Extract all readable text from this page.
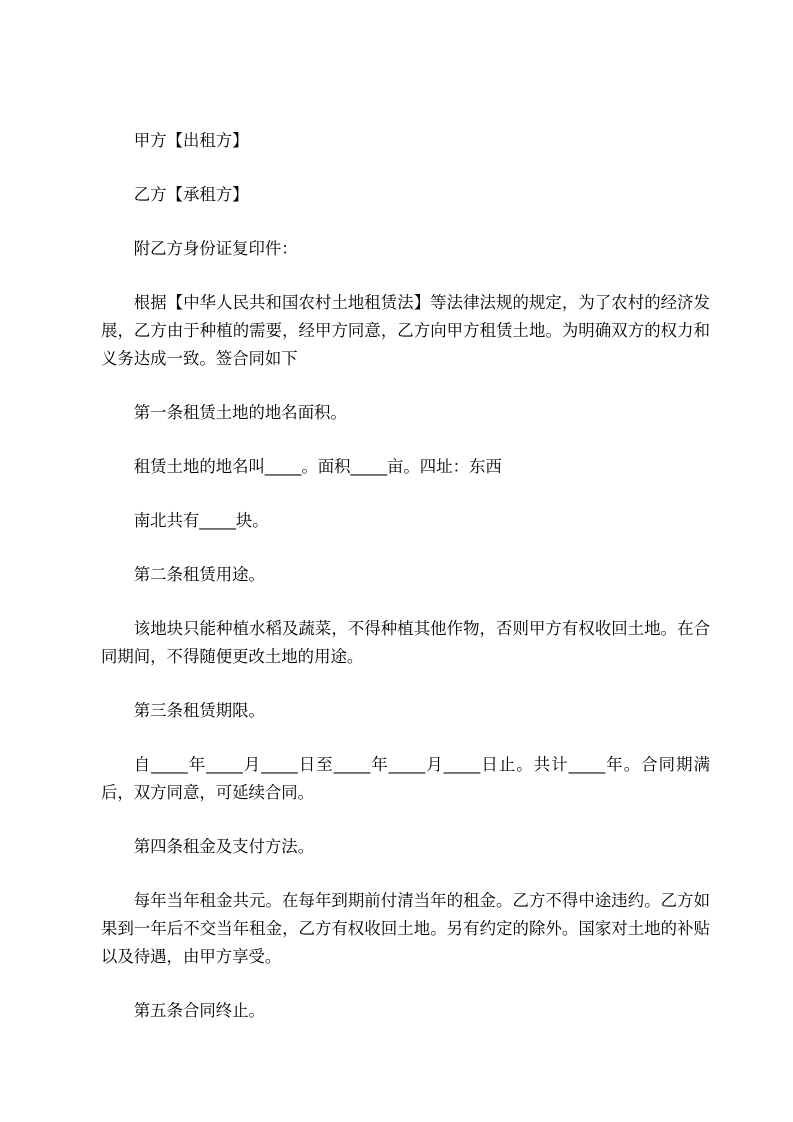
甲方【出租方】

乙方【承租方】

附乙方身份证复印件：

根据【中华人民共和国农村土地租赁法】等法律法规的规定，为了农村的经济发展，乙方由于种植的需要，经甲方同意，乙方向甲方租赁土地。为明确双方的权力和义务达成一致。签合同如下

第一条租赁土地的地名面积。

租赁土地的地名叫____。面积____亩。四址：东西

南北共有____块。

第二条租赁用途。

该地块只能种植水稻及蔬菜，不得种植其他作物，否则甲方有权收回土地。在合同期间，不得随便更改土地的用途。

第三条租赁期限。

自____年____月____日至____年____月____日止。共计____年。合同期满后，双方同意，可延续合同。

第四条租金及支付方法。

每年当年租金共元。在每年到期前付清当年的租金。乙方不得中途违约。乙方如果到一年后不交当年租金，乙方有权收回土地。另有约定的除外。国家对土地的补贴以及待遇，由甲方享受。

第五条合同终止。
